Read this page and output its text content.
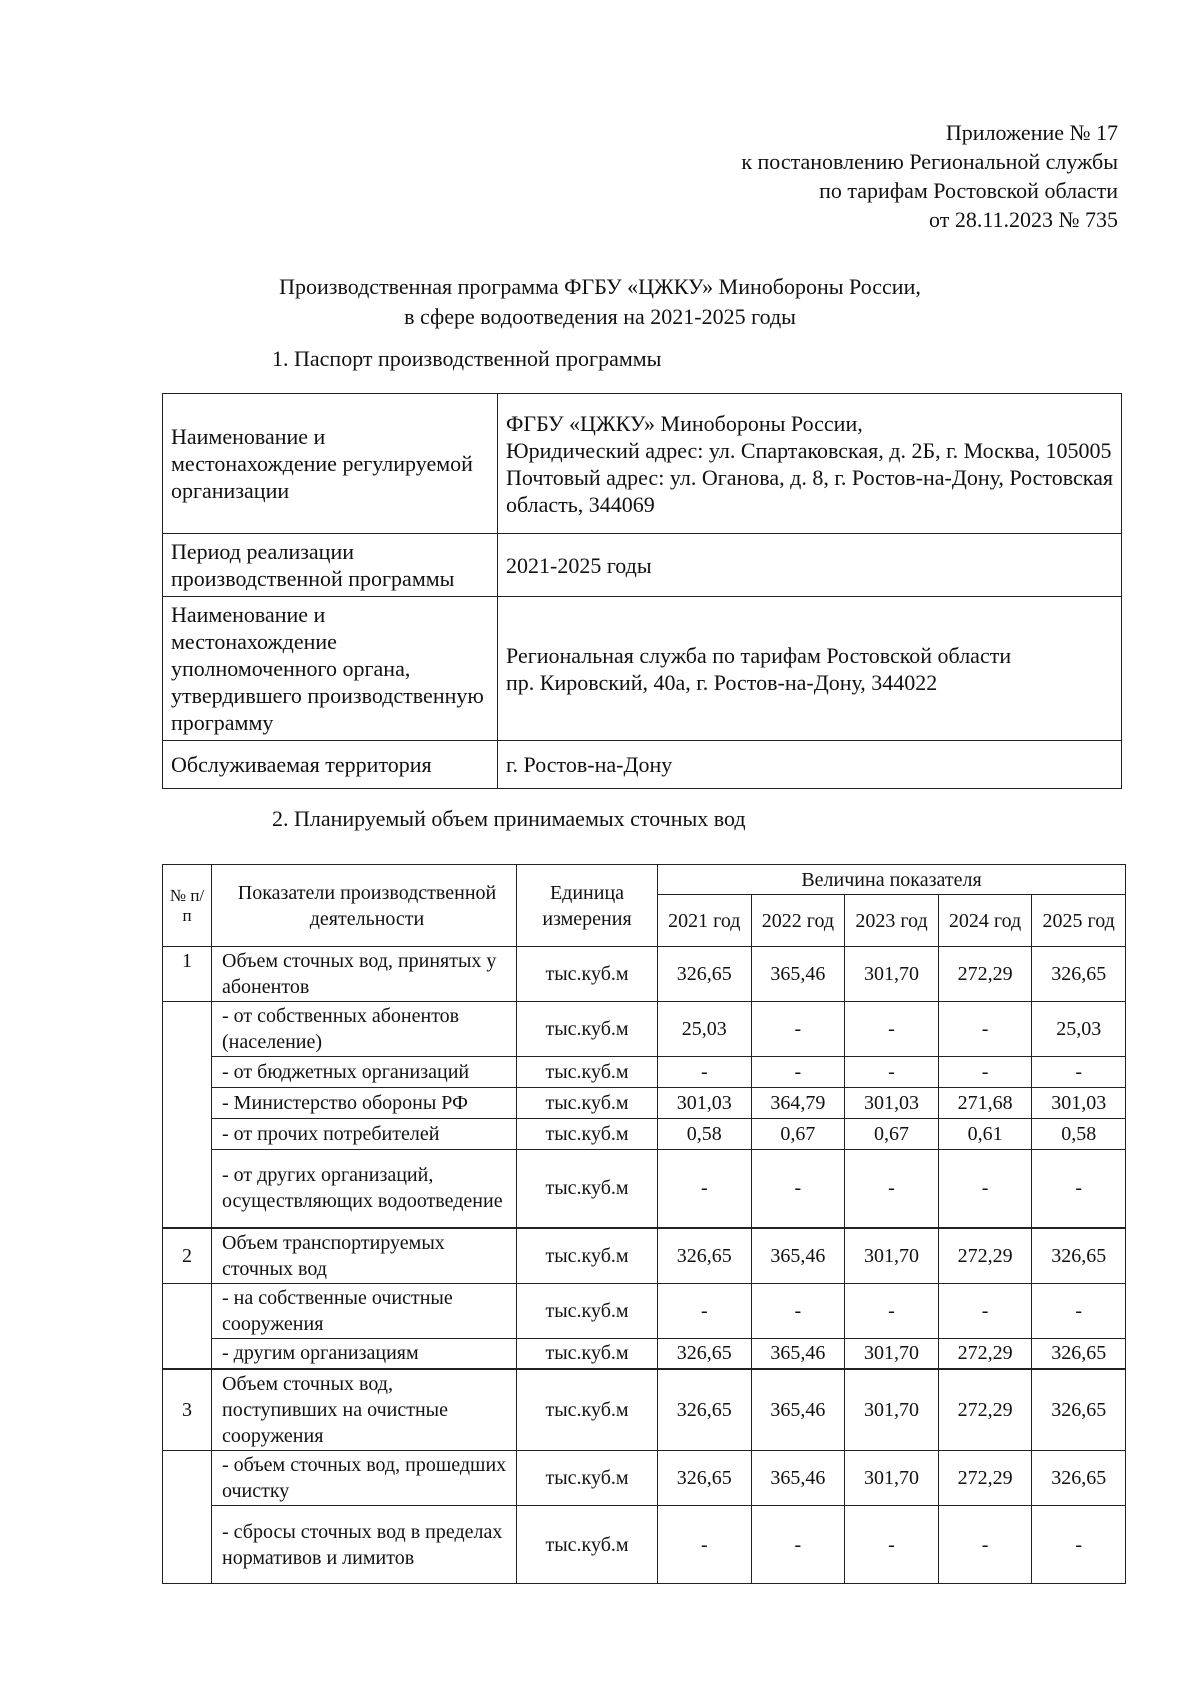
Приложение № 17
к постановлению Региональной службы
по тарифам Ростовской области
от 28.11.2023 № 735
Производственная программа ФГБУ «ЦЖКУ» Минобороны России,
в сфере водоотведения на 2021-2025 годы
1. Паспорт производственной программы
Наименование и местонахождение регулируемой организации	ФГБУ «ЦЖКУ» Минобороны России,
Юридический адрес: ул. Спартаковская, д. 2Б, г. Москва, 105005
Почтовый адрес: ул. Оганова, д. 8, г. Ростов-на-Дону, Ростовская область, 344069

Период реализации производственной программы	2021-2025 годы
Наименование и местонахождение уполномоченного органа, утвердившего производственную программу	Региональная служба по тарифам Ростовской области
пр. Кировский, 40а, г. Ростов-на-Дону, 344022

Обслуживаемая территория	г. Ростов-на-Дону
2. Планируемый объем принимаемых сточных вод
№ п/п	Показатели производственной деятельности	Единица измерения	Величина показателя				
			2021 год	2022 год	2023 год	2024 год	2025 год
1	Объем сточных вод, принятых у абонентов	тыс.куб.м	326,65	365,46	301,70	272,29	326,65
	- от собственных абонентов (население)	тыс.куб.м	25,03	-	-	-	25,03
	- от бюджетных организаций	тыс.куб.м	-	-	-	-	-
	- Министерство обороны РФ	тыс.куб.м	301,03	364,79	301,03	271,68	301,03
	- от прочих потребителей	тыс.куб.м	0,58	0,67	0,67	0,61	0,58
	- от других организаций, осуществляющих водоотведение	тыс.куб.м	-	-	-	-	-
2	Объем транспортируемых сточных вод	тыс.куб.м	326,65	365,46	301,70	272,29	326,65
	- на собственные очистные сооружения	тыс.куб.м	-	-	-	-	-
	- другим организациям	тыс.куб.м	326,65	365,46	301,70	272,29	326,65
3	Объем сточных вод, поступивших на очистные сооружения	тыс.куб.м	326,65	365,46	301,70	272,29	326,65
	- объем сточных вод, прошедших очистку	тыс.куб.м	326,65	365,46	301,70	272,29	326,65
	- сбросы сточных вод в пределах нормативов и лимитов	тыс.куб.м	-	-	-	-	-
